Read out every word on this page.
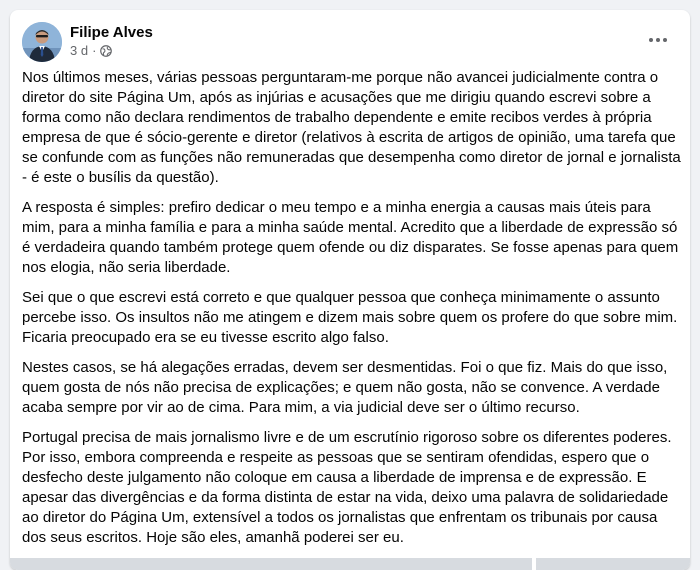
Filipe Alves
3 d ·

Nos últimos meses, várias pessoas perguntaram-me porque não avancei judicialmente contra o diretor do site Página Um, após as injúrias e acusações que me dirigiu quando escrevi sobre a forma como não declara rendimentos de trabalho dependente e emite recibos verdes à própria empresa de que é sócio-gerente e diretor (relativos à escrita de artigos de opinião, uma tarefa que se confunde com as funções não remuneradas que desempenha como diretor de jornal e jornalista - é este o busílis da questão).

A resposta é simples: prefiro dedicar o meu tempo e a minha energia a causas mais úteis para mim, para a minha família e para a minha saúde mental. Acredito que a liberdade de expressão só é verdadeira quando também protege quem ofende ou diz disparates. Se fosse apenas para quem nos elogia, não seria liberdade.

Sei que o que escrevi está correto e que qualquer pessoa que conheça minimamente o assunto percebe isso. Os insultos não me atingem e dizem mais sobre quem os profere do que sobre mim. Ficaria preocupado era se eu tivesse escrito algo falso.

Nestes casos, se há alegações erradas, devem ser desmentidas. Foi o que fiz. Mais do que isso, quem gosta de nós não precisa de explicações; e quem não gosta, não se convence. A verdade acaba sempre por vir ao de cima. Para mim, a via judicial deve ser o último recurso.

Portugal precisa de mais jornalismo livre e de um escrutínio rigoroso sobre os diferentes poderes. Por isso, embora compreenda e respeite as pessoas que se sentiram ofendidas, espero que o desfecho deste julgamento não coloque em causa a liberdade de imprensa e de expressão. E apesar das divergências e da forma distinta de estar na vida, deixo uma palavra de solidariedade ao diretor do Página Um, extensível a todos os jornalistas que enfrentam os tribunais por causa dos seus escritos. Hoje são eles, amanhã poderei ser eu.
